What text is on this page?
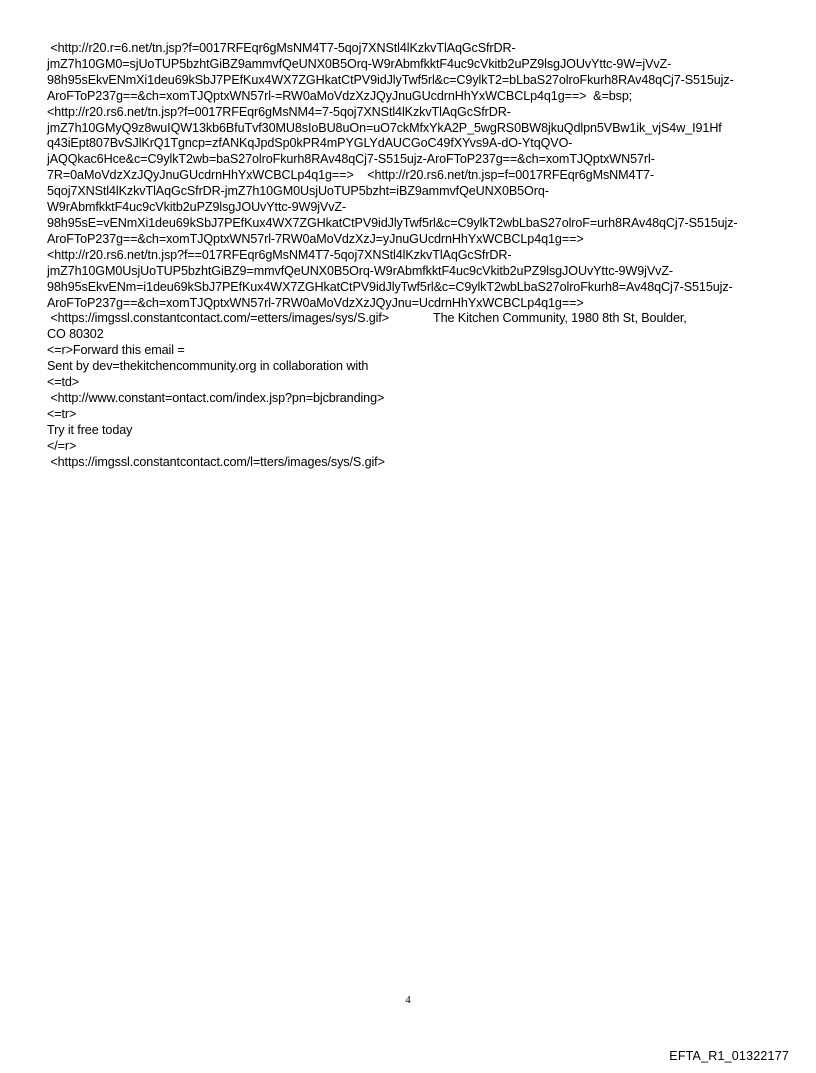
<http://r20.r=6.net/tn.jsp?f=0017RFEqr6gMsNM4T7-5qoj7XNStl4lKzkvTlAqGcSfrDR-
jmZ7h10GM0=sjUoTUP5bzhtGiBZ9ammvfQeUNX0B5Orq-W9rAbmfkktF4uc9cVkitb2uPZ9lsgJOUvYttc-9W=jVvZ-
98h95sEkvENmXi1deu69kSbJ7PEfKux4WX7ZGHkatCtPV9idJlyTwf5rl&c=C9ylkT2=bLbaS27olroFkurh8RAv48qCj7-S515ujz-
AroFToP237g==&ch=xomTJQptxWN57rl-=RW0aMoVdzXzJQyJnuGUcdrnHhYxWCBCLp4q1g==>  &=bsp;
<http://r20.rs6.net/tn.jsp?f=0017RFEqr6gMsNM4=7-5qoj7XNStl4lKzkvTlAqGcSfrDR-
jmZ7h10GMyQ9z8wuIQW13kb6BfuTvf30MU8sIoBU8uOn=uO7ckMfxYkA2P_5wgRS0BW8jkuQdlpn5VBw1ik_vjS4w_I91Hf
q43iEpt807BvSJlKrQ1Tgncp=zfANKqJpdSp0kPR4mPYGLYdAUCGoC49fXYvs9A-dO-YtqQVO-
jAQQkac6Hce&c=C9ylkT2wb=baS27olroFkurh8RAv48qCj7-S515ujz-AroFToP237g==&ch=xomTJQptxWN57rl-
7R=0aMoVdzXzJQyJnuGUcdrnHhYxWCBCLp4q1g==>    <http://r20.rs6.net/tn.jsp=f=0017RFEqr6gMsNM4T7-
5qoj7XNStl4lKzkvTlAqGcSfrDR-jmZ7h10GM0UsjUoTUP5bzht=iBZ9ammvfQeUNX0B5Orq-
W9rAbmfkktF4uc9cVkitb2uPZ9lsgJOUvYttc-9W9jVvZ-
98h95sE=vENmXi1deu69kSbJ7PEfKux4WX7ZGHkatCtPV9idJlyTwf5rl&c=C9ylkT2wbLbaS27olroF=urh8RAv48qCj7-S515ujz-
AroFToP237g==&ch=xomTJQptxWN57rl-7RW0aMoVdzXzJ=yJnuGUcdrnHhYxWCBCLp4q1g==>
<http://r20.rs6.net/tn.jsp?f==017RFEqr6gMsNM4T7-5qoj7XNStl4lKzkvTlAqGcSfrDR-
jmZ7h10GM0UsjUoTUP5bzhtGiBZ9=mmvfQeUNX0B5Orq-W9rAbmfkktF4uc9cVkitb2uPZ9lsgJOUvYttc-9W9jVvZ-
98h95sEkvENm=i1deu69kSbJ7PEfKux4WX7ZGHkatCtPV9idJlyTwf5rl&c=C9ylkT2wbLbaS27olroFkurh8=Av48qCj7-S515ujz-
AroFToP237g==&ch=xomTJQptxWN57rl-7RW0aMoVdzXzJQyJnu=UcdrnHhYxWCBCLp4q1g==>
<https://imgssl.constantcontact.com/=etters/images/sys/S.gif>             The Kitchen Community, 1980 8th St, Boulder,
CO 80302
<=r>Forward this email =
Sent by dev=thekitchencommunity.org in collaboration with
<=td>
<http://www.constant=ontact.com/index.jsp?pn=bjcbranding>
<=tr>
Try it free today
</=r>
<https://imgssl.constantcontact.com/l=tters/images/sys/S.gif>
4
EFTA_R1_01322177
